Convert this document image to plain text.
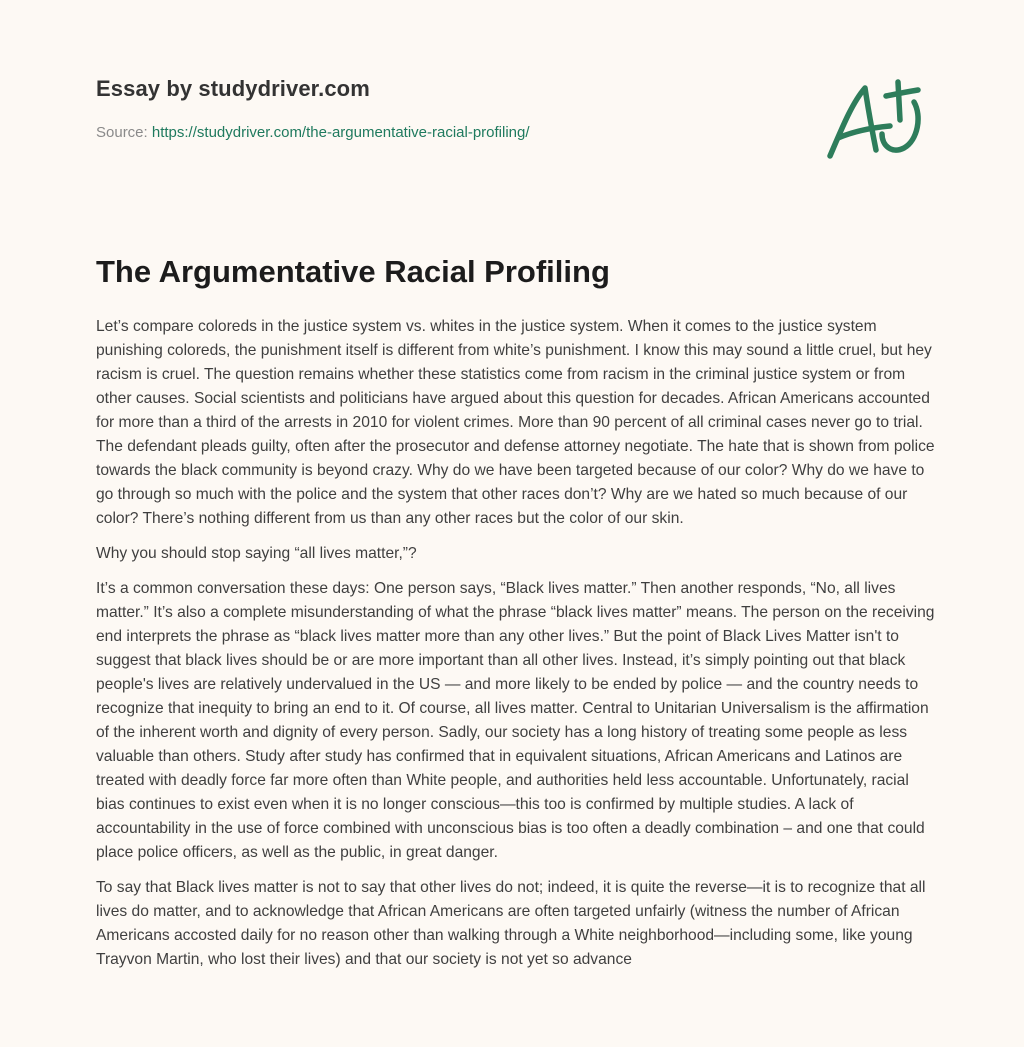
Essay by studydriver.com
Source: https://studydriver.com/the-argumentative-racial-profiling/
The Argumentative Racial Profiling

Let’s compare coloreds in the justice system vs. whites in the justice system. When it comes to the justice system punishing coloreds, the punishment itself is different from white’s punishment. I know this may sound a little cruel, but hey racism is cruel. The question remains whether these statistics come from racism in the criminal justice system or from other causes. Social scientists and politicians have argued about this question for decades. African Americans accounted for more than a third of the arrests in 2010 for violent crimes. More than 90 percent of all criminal cases never go to trial. The defendant pleads guilty, often after the prosecutor and defense attorney negotiate. The hate that is shown from police towards the black community is beyond crazy. Why do we have been targeted because of our color? Why do we have to go through so much with the police and the system that other races don’t? Why are we hated so much because of our color? There’s nothing different from us than any other races but the color of our skin.

Why you should stop saying “all lives matter,”?

It’s a common conversation these days: One person says, “Black lives matter.” Then another responds, “No, all lives matter.” It’s also a complete misunderstanding of what the phrase “black lives matter” means. The person on the receiving end interprets the phrase as “black lives matter more than any other lives.” But the point of Black Lives Matter isn't to suggest that black lives should be or are more important than all other lives. Instead, it’s simply pointing out that black people's lives are relatively undervalued in the US — and more likely to be ended by police — and the country needs to recognize that inequity to bring an end to it. Of course, all lives matter. Central to Unitarian Universalism is the affirmation of the inherent worth and dignity of every person. Sadly, our society has a long history of treating some people as less valuable than others. Study after study has confirmed that in equivalent situations, African Americans and Latinos are treated with deadly force far more often than White people, and authorities held less accountable. Unfortunately, racial bias continues to exist even when it is no longer conscious—this too is confirmed by multiple studies. A lack of accountability in the use of force combined with unconscious bias is too often a deadly combination – and one that could place police officers, as well as the public, in great danger.

To say that Black lives matter is not to say that other lives do not; indeed, it is quite the reverse—it is to recognize that all lives do matter, and to acknowledge that African Americans are often targeted unfairly (witness the number of African Americans accosted daily for no reason other than walking through a White neighborhood—including some, like young Trayvon Martin, who lost their lives) and that our society is not yet so advance
